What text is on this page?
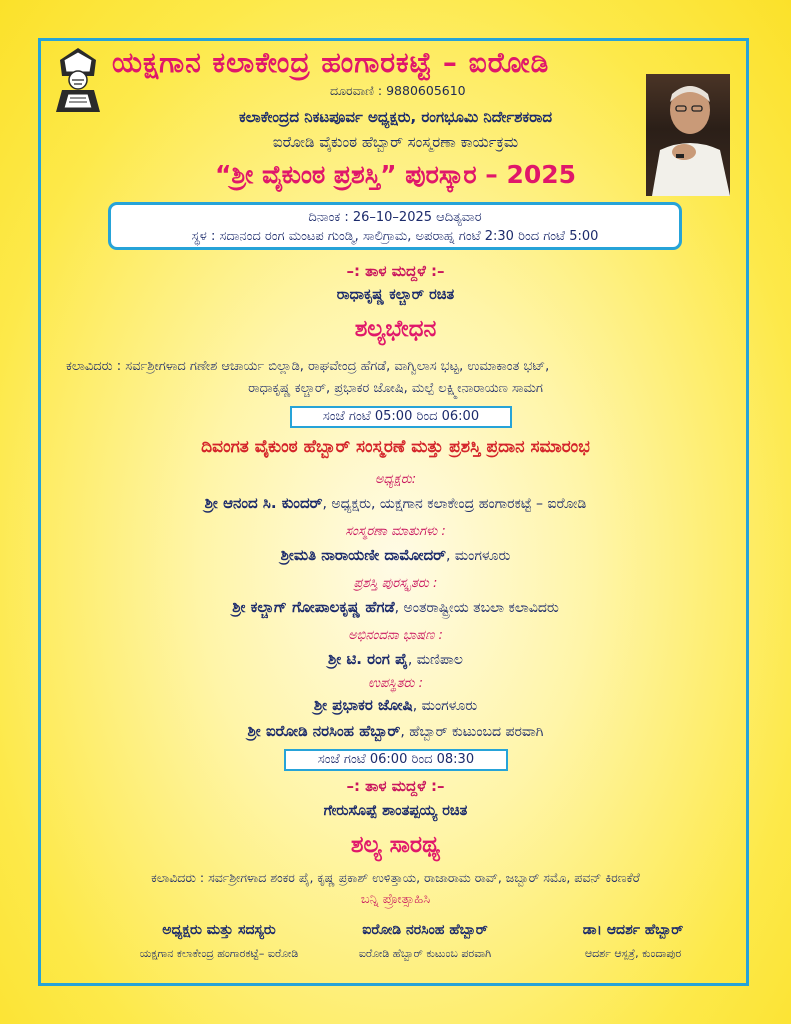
ಯಕ್ಷಗಾನ ಕಲಾಕೇಂದ್ರ ಹಂಗಾರಕಟ್ಟೆ – ಐರೋಡಿ
ದೂರವಾಣಿ : 9880605610
ಕಲಾಕೇಂದ್ರದ ನಿಕಟಪೂರ್ವ ಅಧ್ಯಕ್ಷರು, ರಂಗಭೂಮಿ ನಿರ್ದೇಶಕರಾದ
ಐರೋಡಿ ವೈಕುಂಠ ಹೆಬ್ಬಾರ್ ಸಂಸ್ಮರಣಾ ಕಾರ್ಯಕ್ರಮ
“ಶ್ರೀ ವೈಕುಂಠ ಪ್ರಶಸ್ತಿ” ಪುರಸ್ಕಾರ – 2025
ದಿನಾಂಕ : 26–10–2025 ಆದಿತ್ಯವಾರ
ಸ್ಥಳ : ಸದಾನಂದ ರಂಗ ಮಂಟಪ ಗುಂಡ್ಮಿ, ಸಾಲಿಗ್ರಾಮ, ಅಪರಾಹ್ನ ಗಂಟೆ 2:30 ರಿಂದ ಗಂಟೆ 5:00
–: ತಾಳ ಮದ್ದಳೆ :–
ರಾಧಾಕೃಷ್ಣ ಕಲ್ಚಾರ್ ರಚಿತ
ಶಲ್ಯಭೇಧನ
ಕಲಾವಿದರು : ಸರ್ವಶ್ರೀಗಳಾದ ಗಣೇಶ ಆಚಾರ್ಯ ಬಿಲ್ಲಾಡಿ, ರಾಘವೇಂದ್ರ ಹೆಗಡೆ, ವಾಗ್ವಿಲಾಸ ಭಟ್ಟ, ಉಮಾಕಾಂತ ಭಟ್,
ರಾಧಾಕೃಷ್ಣ ಕಲ್ಚಾರ್, ಪ್ರಭಾಕರ ಜೋಷಿ, ಮಲ್ಪೆ ಲಕ್ಷ್ಮೀನಾರಾಯಣ ಸಾಮಗ
ಸಂಜೆ ಗಂಟೆ 05:00 ರಿಂದ 06:00
ದಿವಂಗತ ವೈಕುಂಠ ಹೆಬ್ಬಾರ್ ಸಂಸ್ಮರಣೆ ಮತ್ತು ಪ್ರಶಸ್ತಿ ಪ್ರದಾನ ಸಮಾರಂಭ
ಅಧ್ಯಕ್ಷರು:
ಶ್ರೀ ಆನಂದ ಸಿ. ಕುಂದರ್, ಅಧ್ಯಕ್ಷರು, ಯಕ್ಷಗಾನ ಕಲಾಕೇಂದ್ರ ಹಂಗಾರಕಟ್ಟೆ – ಐರೋಡಿ
ಸಂಸ್ಮರಣಾ ಮಾತುಗಳು :
ಶ್ರೀಮತಿ ನಾರಾಯಣೀ ದಾಮೋದರ್, ಮಂಗಳೂರು
ಪ್ರಶಸ್ತಿ ಪುರಸ್ಕೃತರು :
ಶ್ರೀ ಕಲ್ಚಾಗ್ ಗೋಪಾಲಕೃಷ್ಣ ಹೆಗಡೆ, ಅಂತರಾಷ್ಟ್ರೀಯ ತಬಲಾ ಕಲಾವಿದರು
ಅಭಿನಂದನಾ ಭಾಷಣ :
ಶ್ರೀ ಟಿ. ರಂಗ ಪೈ, ಮಣಿಪಾಲ
ಉಪಸ್ಥಿತರು :
ಶ್ರೀ ಪ್ರಭಾಕರ ಜೋಷಿ, ಮಂಗಳೂರು
ಶ್ರೀ ಐರೋಡಿ ನರಸಿಂಹ ಹೆಬ್ಬಾರ್, ಹೆಬ್ಬಾರ್ ಕುಟುಂಬದ ಪರವಾಗಿ
ಸಂಜೆ ಗಂಟೆ 06:00 ರಿಂದ 08:30
–: ತಾಳ ಮದ್ದಳೆ :–
ಗೇರುಸೊಪ್ಪೆ ಶಾಂತಪ್ಪಯ್ಯ ರಚಿತ
ಶಲ್ಯ ಸಾರಥ್ಯ
ಕಲಾವಿದರು : ಸರ್ವಶ್ರೀಗಳಾದ ಶಂಕರ ಪೈ, ಕೃಷ್ಣ ಪ್ರಕಾಶ್ ಉಳಿತ್ತಾಯ, ರಾಜಾರಾಮ ರಾವ್, ಜಬ್ಬಾರ್ ಸಮೊ, ಪವನ್ ಕಿರಣಕೆರೆ
ಬನ್ನಿ ಪ್ರೋತ್ಸಾಹಿಸಿ
ಅಧ್ಯಕ್ಷರು ಮತ್ತು ಸದಸ್ಯರು
ಯಕ್ಷಗಾನ ಕಲಾಕೇಂದ್ರ ಹಂಗಾರಕಟ್ಟೆ– ಐರೋಡಿ
ಐರೋಡಿ ನರಸಿಂಹ ಹೆಬ್ಬಾರ್
ಐರೋಡಿ ಹೆಬ್ಬಾರ್ ಕುಟುಂಬ ಪರವಾಗಿ
ಡಾ। ಆದರ್ಶ ಹೆಬ್ಬಾರ್
ಆದರ್ಶ ಆಸ್ಪತ್ರೆ, ಕುಂದಾಪುರ
